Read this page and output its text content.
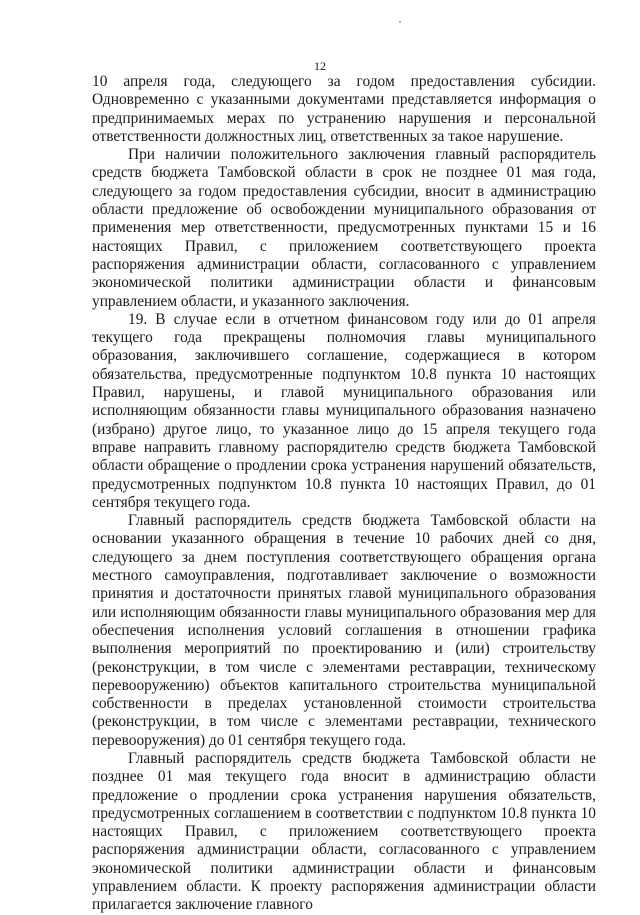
12

10 апреля года, следующего за годом предоставления субсидии. Одновременно с указанными документами представляется информация о предпринимаемых мерах по устранению нарушения и персональной ответственности должностных лиц, ответственных за такое нарушение.

При наличии положительного заключения главный распорядитель средств бюджета Тамбовской области в срок не позднее 01 мая года, следующего за годом предоставления субсидии, вносит в администрацию области предложение об освобождении муниципального образования от применения мер ответственности, предусмотренных пунктами 15 и 16 настоящих Правил, с приложением соответствующего проекта распоряжения администрации области, согласованного с управлением экономической политики администрации области и финансовым управлением области, и указанного заключения.

19. В случае если в отчетном финансовом году или до 01 апреля текущего года прекращены полномочия главы муниципального образования, заключившего соглашение, содержащиеся в котором обязательства, предусмотренные подпунктом 10.8 пункта 10 настоящих Правил, нарушены, и главой муниципального образования или исполняющим обязанности главы муниципального образования назначено (избрано) другое лицо, то указанное лицо до 15 апреля текущего года вправе направить главному распорядителю средств бюджета Тамбовской области обращение о продлении срока устранения нарушений обязательств, предусмотренных подпунктом 10.8 пункта 10 настоящих Правил, до 01 сентября текущего года.

Главный распорядитель средств бюджета Тамбовской области на основании указанного обращения в течение 10 рабочих дней со дня, следующего за днем поступления соответствующего обращения органа местного самоуправления, подготавливает заключение о возможности принятия и достаточности принятых главой муниципального образования или исполняющим обязанности главы муниципального образования мер для обеспечения исполнения условий соглашения в отношении графика выполнения мероприятий по проектированию и (или) строительству (реконструкции, в том числе с элементами реставрации, техническому перевооружению) объектов капитального строительства муниципальной собственности в пределах установленной стоимости строительства (реконструкции, в том числе с элементами реставрации, технического перевооружения) до 01 сентября текущего года.

Главный распорядитель средств бюджета Тамбовской области не позднее 01 мая текущего года вносит в администрацию области предложение о продлении срока устранения нарушения обязательств, предусмотренных соглашением в соответствии с подпунктом 10.8 пункта 10 настоящих Правил, с приложением соответствующего проекта распоряжения администрации области, согласованного с управлением экономической политики администрации области и финансовым управлением области. К проекту распоряжения администрации области прилагается заключение главного
